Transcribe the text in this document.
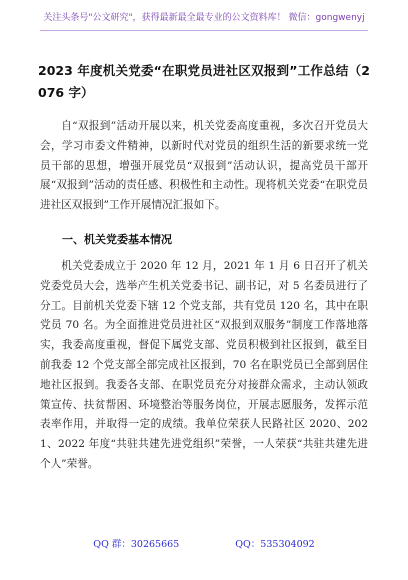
关注头条号"公文研究"，获得最新最全最专业的公文资料库！ 微信：gongwenyj
2023 年度机关党委“在职党员进社区双报到”工作总结（2076 字）

自“双报到”活动开展以来，机关党委高度重视，多次召开党员大会，学习市委文件精神，以新时代对党员的组织生活的新要求统一党员干部的思想，增强开展党员“双报到”活动认识，提高党员干部开展“双报到”活动的责任感、积极性和主动性。现将机关党委“在职党员进社区双报到”工作开展情况汇报如下。

一、机关党委基本情况

机关党委成立于 2020 年 12 月，2021 年 1 月 6 日召开了机关党委党员大会，选举产生机关党委书记、副书记，对 5 名委员进行了分工。目前机关党委下辖 12 个党支部，共有党员 120 名，其中在职党员 70 名。为全面推进党员进社区“双报到双服务”制度工作落地落实，我委高度重视，督促下属党支部、党员积极到社区报到，截至目前我委 12 个党支部全部完成社区报到，70 名在职党员已全部到居住地社区报到。我委各支部、在职党员充分对接群众需求，主动认领政策宣传、扶贫帮困、环境整治等服务岗位，开展志愿服务，发挥示范表率作用，并取得一定的成绩。我单位荣获人民路社区 2020、2021、2022 年度“共驻共建先进党组织”荣誉，一人荣获“共驻共建先进个人”荣誉。

QQ 群：30265665	QQ：535304092
